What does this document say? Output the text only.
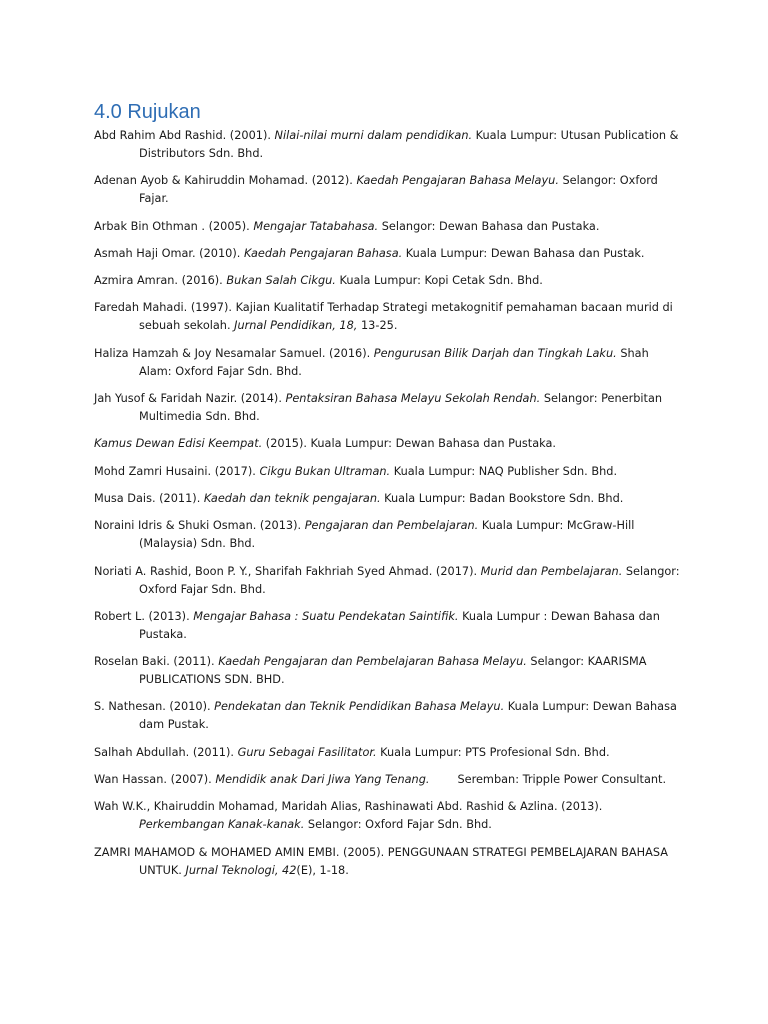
4.0 Rujukan
Abd Rahim Abd Rashid. (2001). Nilai-nilai murni dalam pendidikan. Kuala Lumpur: Utusan Publication & Distributors Sdn. Bhd.
Adenan Ayob & Kahiruddin Mohamad. (2012). Kaedah Pengajaran Bahasa Melayu. Selangor: Oxford Fajar.
Arbak Bin Othman . (2005). Mengajar Tatabahasa. Selangor: Dewan Bahasa dan Pustaka.
Asmah Haji Omar. (2010). Kaedah Pengajaran Bahasa. Kuala Lumpur: Dewan Bahasa dan Pustak.
Azmira Amran. (2016). Bukan Salah Cikgu. Kuala Lumpur: Kopi Cetak Sdn. Bhd.
Faredah Mahadi. (1997). Kajian Kualitatif Terhadap Strategi metakognitif pemahaman bacaan murid di sebuah sekolah. Jurnal Pendidikan, 18, 13-25.
Haliza Hamzah & Joy Nesamalar Samuel. (2016). Pengurusan Bilik Darjah dan Tingkah Laku. Shah Alam: Oxford Fajar Sdn. Bhd.
Jah Yusof & Faridah Nazir. (2014). Pentaksiran Bahasa Melayu Sekolah Rendah. Selangor: Penerbitan Multimedia Sdn. Bhd.
Kamus Dewan Edisi Keempat. (2015). Kuala Lumpur: Dewan Bahasa dan Pustaka.
Mohd Zamri Husaini. (2017). Cikgu Bukan Ultraman. Kuala Lumpur: NAQ Publisher Sdn. Bhd.
Musa Dais. (2011). Kaedah dan teknik pengajaran. Kuala Lumpur: Badan Bookstore Sdn. Bhd.
Noraini Idris & Shuki Osman. (2013). Pengajaran dan Pembelajaran. Kuala Lumpur: McGraw-Hill (Malaysia) Sdn. Bhd.
Noriati A. Rashid, Boon P. Y., Sharifah Fakhriah Syed Ahmad. (2017). Murid dan Pembelajaran. Selangor: Oxford Fajar Sdn. Bhd.
Robert L. (2013). Mengajar Bahasa : Suatu Pendekatan Saintifik. Kuala Lumpur : Dewan Bahasa dan Pustaka.
Roselan Baki. (2011). Kaedah Pengajaran dan Pembelajaran Bahasa Melayu. Selangor: KAARISMA PUBLICATIONS SDN. BHD.
S. Nathesan. (2010). Pendekatan dan Teknik Pendidikan Bahasa Melayu. Kuala Lumpur: Dewan Bahasa dam Pustak.
Salhah Abdullah. (2011). Guru Sebagai Fasilitator. Kuala Lumpur: PTS Profesional Sdn. Bhd.
Wan Hassan. (2007). Mendidik anak Dari Jiwa Yang Tenang. Seremban: Tripple Power Consultant.
Wah W.K., Khairuddin Mohamad, Maridah Alias, Rashinawati Abd. Rashid & Azlina. (2013). Perkembangan Kanak-kanak. Selangor: Oxford Fajar Sdn. Bhd.
ZAMRI MAHAMOD & MOHAMED AMIN EMBI. (2005). PENGGUNAAN STRATEGI PEMBELAJARAN BAHASA UNTUK. Jurnal Teknologi, 42(E), 1-18.
